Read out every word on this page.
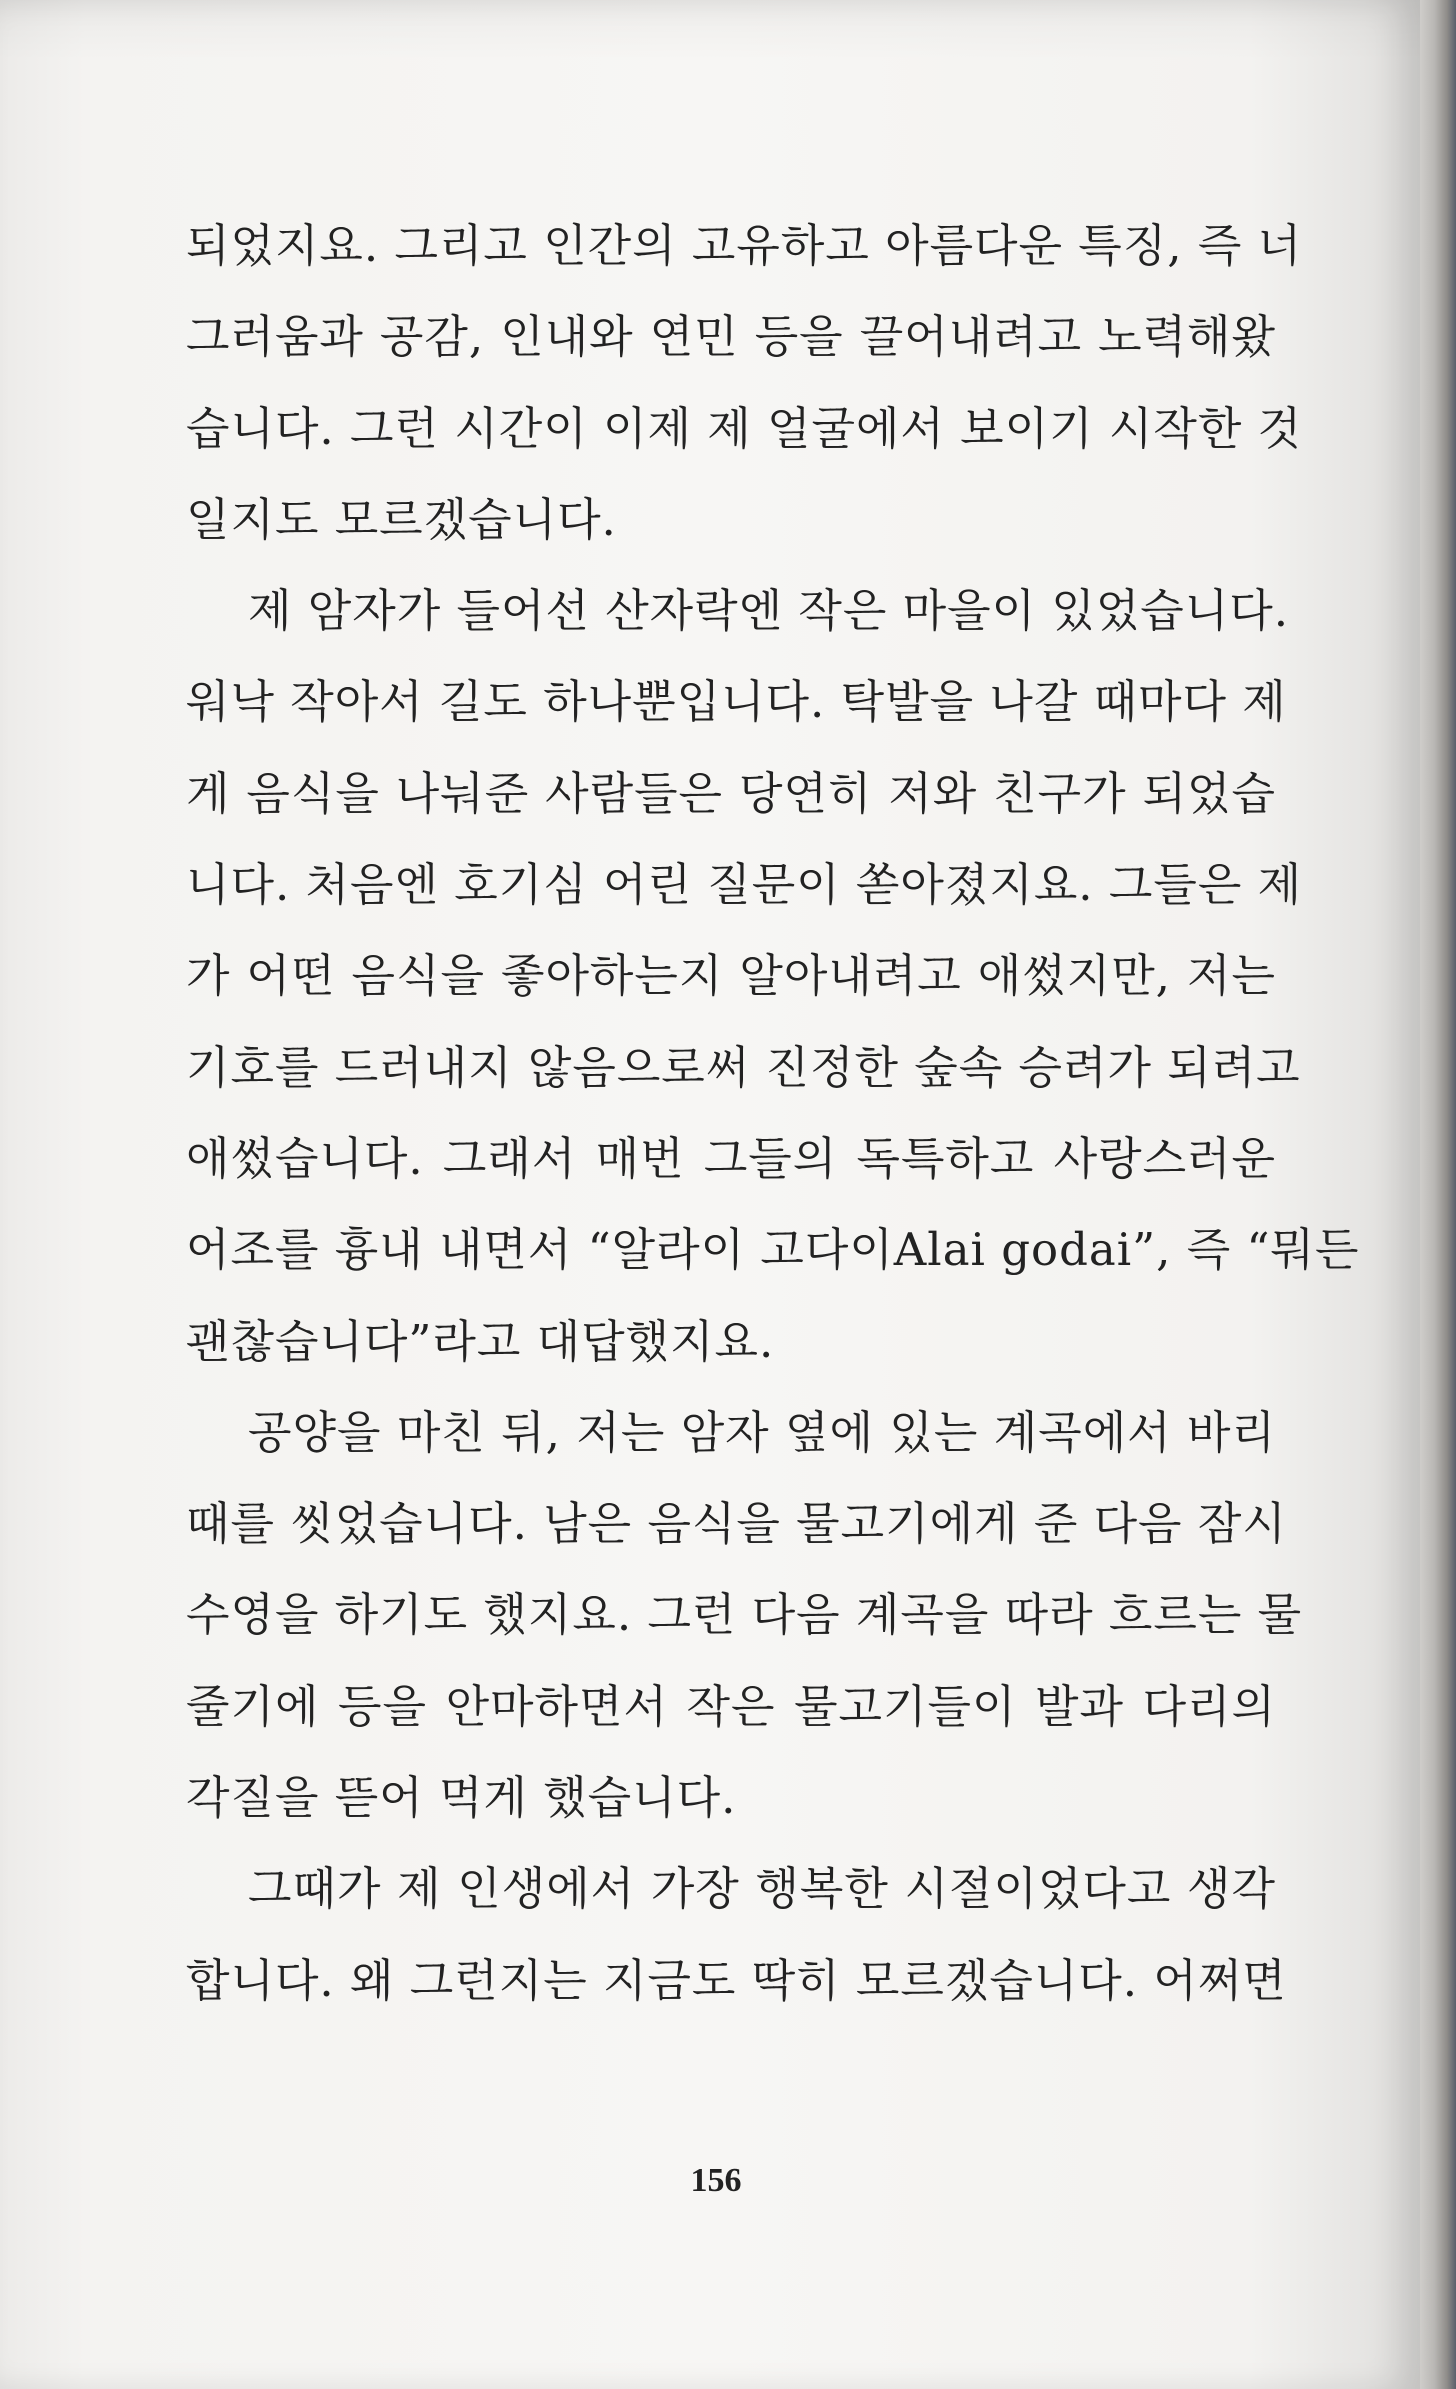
되었지요. 그리고 인간의 고유하고 아름다운 특징, 즉 너
그러움과 공감, 인내와 연민 등을 끌어내려고 노력해왔
습니다. 그런 시간이 이제 제 얼굴에서 보이기 시작한 것
일지도 모르겠습니다.
제 암자가 들어선 산자락엔 작은 마을이 있었습니다.
워낙 작아서 길도 하나뿐입니다. 탁발을 나갈 때마다 제
게 음식을 나눠준 사람들은 당연히 저와 친구가 되었습
니다. 처음엔 호기심 어린 질문이 쏟아졌지요. 그들은 제
가 어떤 음식을 좋아하는지 알아내려고 애썼지만, 저는
기호를 드러내지 않음으로써 진정한 숲속 승려가 되려고
애썼습니다. 그래서 매번 그들의 독특하고 사랑스러운
어조를 흉내 내면서 “알라이 고다이Alai godai”, 즉 “뭐든
괜찮습니다”라고 대답했지요.
공양을 마친 뒤, 저는 암자 옆에 있는 계곡에서 바리
때를 씻었습니다. 남은 음식을 물고기에게 준 다음 잠시
수영을 하기도 했지요. 그런 다음 계곡을 따라 흐르는 물
줄기에 등을 안마하면서 작은 물고기들이 발과 다리의
각질을 뜯어 먹게 했습니다.
그때가 제 인생에서 가장 행복한 시절이었다고 생각
합니다. 왜 그런지는 지금도 딱히 모르겠습니다. 어쩌면
156
